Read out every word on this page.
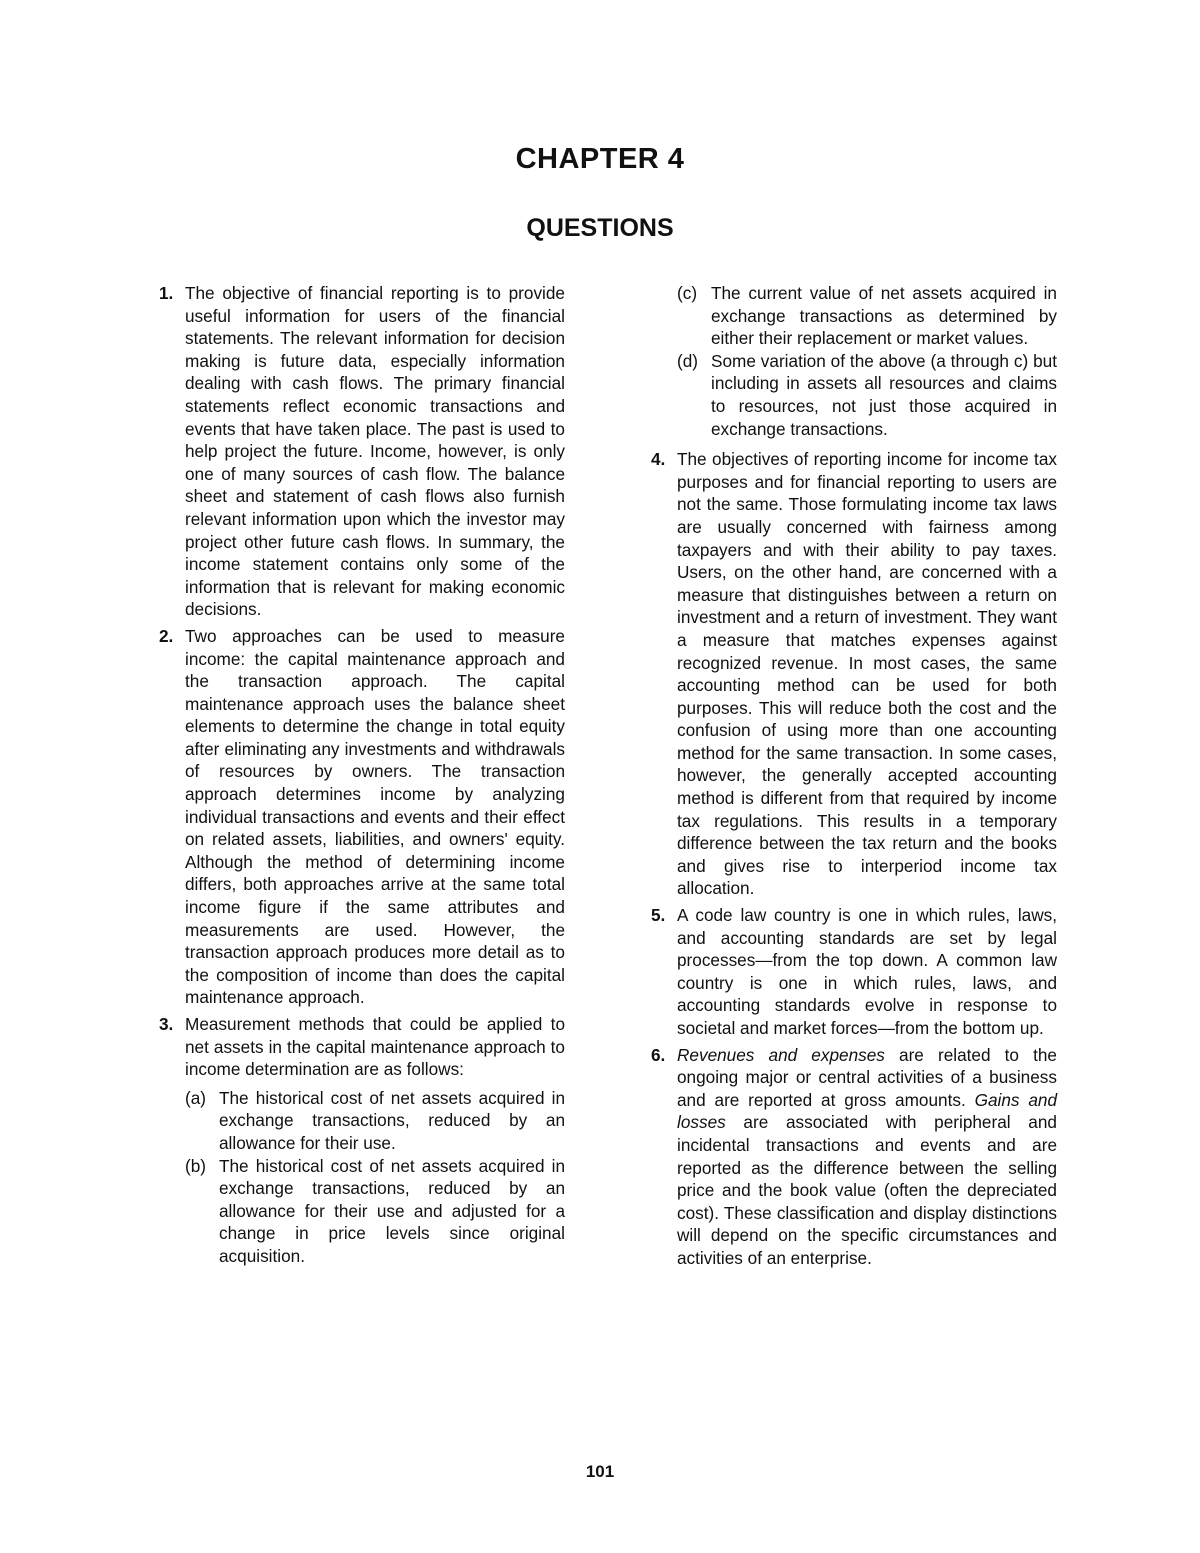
CHAPTER 4
QUESTIONS
1. The objective of financial reporting is to provide useful information for users of the financial statements. The relevant information for decision making is future data, especially information dealing with cash flows. The primary financial statements reflect economic transactions and events that have taken place. The past is used to help project the future. Income, however, is only one of many sources of cash flow. The balance sheet and statement of cash flows also furnish relevant information upon which the investor may project other future cash flows. In summary, the income statement contains only some of the information that is relevant for making economic decisions.

2. Two approaches can be used to measure income: the capital maintenance approach and the transaction approach. The capital maintenance approach uses the balance sheet elements to determine the change in total equity after eliminating any investments and withdrawals of resources by owners. The transaction approach determines income by analyzing individual transactions and events and their effect on related assets, liabilities, and owners' equity. Although the method of determining income differs, both approaches arrive at the same total income figure if the same attributes and measurements are used. However, the transaction approach produces more detail as to the composition of income than does the capital maintenance approach.

3. Measurement methods that could be applied to net assets in the capital maintenance approach to income determination are as follows:

(a) The historical cost of net assets acquired in exchange transactions, reduced by an allowance for their use.
(b) The historical cost of net assets acquired in exchange transactions, reduced by an allowance for their use and adjusted for a change in price levels since original acquisition.
(c) The current value of net assets acquired in exchange transactions as determined by either their replacement or market values.
(d) Some variation of the above (a through c) but including in assets all resources and claims to resources, not just those acquired in exchange transactions.
4. The objectives of reporting income for income tax purposes and for financial reporting to users are not the same. Those formulating income tax laws are usually concerned with fairness among taxpayers and with their ability to pay taxes. Users, on the other hand, are concerned with a measure that distinguishes between a return on investment and a return of investment. They want a measure that matches expenses against recognized revenue. In most cases, the same accounting method can be used for both purposes. This will reduce both the cost and the confusion of using more than one accounting method for the same transaction. In some cases, however, the generally accepted accounting method is different from that required by income tax regulations. This results in a temporary difference between the tax return and the books and gives rise to interperiod income tax allocation.

5. A code law country is one in which rules, laws, and accounting standards are set by legal processes—from the top down. A common law country is one in which rules, laws, and accounting standards evolve in response to societal and market forces—from the bottom up.

6. Revenues and expenses are related to the ongoing major or central activities of a business and are reported at gross amounts. Gains and losses are associated with peripheral and incidental transactions and events and are reported as the difference between the selling price and the book value (often the depreciated cost). These classification and display distinctions will depend on the specific circumstances and activities of an enterprise.

101
